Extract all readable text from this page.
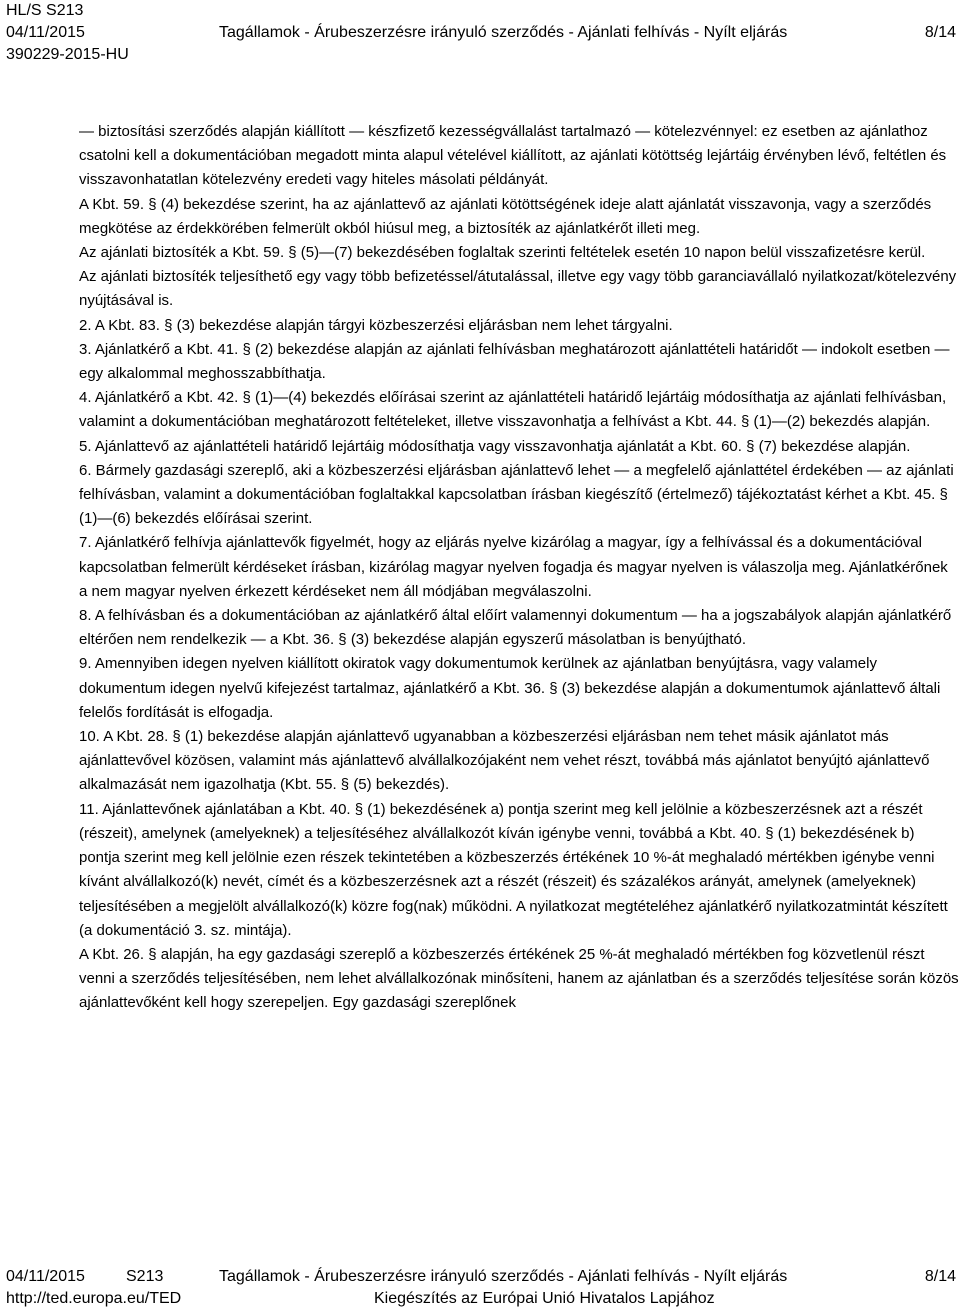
HL/S S213
04/11/2015	Tagállamok - Árubeszerzésre irányuló szerződés - Ajánlati felhívás - Nyílt eljárás	8/14
390229-2015-HU

— biztosítási szerződés alapján kiállított — készfizető kezességvállalást tartalmazó — kötelezvénnyel: ez esetben az ajánlathoz csatolni kell a dokumentációban megadott minta alapul vételével kiállított, az ajánlati kötöttség lejártáig érvényben lévő, feltétlen és visszavonhatatlan kötelezvény eredeti vagy hiteles másolati példányát.

A Kbt. 59. § (4) bekezdése szerint, ha az ajánlattevő az ajánlati kötöttségének ideje alatt ajánlatát visszavonja, vagy a szerződés megkötése az érdekkörében felmerült okból hiúsul meg, a biztosíték az ajánlatkérőt illeti meg.

Az ajánlati biztosíték a Kbt. 59. § (5)—(7) bekezdésében foglaltak szerinti feltételek esetén 10 napon belül visszafizetésre kerül.

Az ajánlati biztosíték teljesíthető egy vagy több befizetéssel/átutalással, illetve egy vagy több garanciavállaló nyilatkozat/kötelezvény nyújtásával is.

2. A Kbt. 83. § (3) bekezdése alapján tárgyi közbeszerzési eljárásban nem lehet tárgyalni.

3. Ajánlatkérő a Kbt. 41. § (2) bekezdése alapján az ajánlati felhívásban meghatározott ajánlattételi határidőt — indokolt esetben — egy alkalommal meghosszabbíthatja.

4. Ajánlatkérő a Kbt. 42. § (1)—(4) bekezdés előírásai szerint az ajánlattételi határidő lejártáig módosíthatja az ajánlati felhívásban, valamint a dokumentációban meghatározott feltételeket, illetve visszavonhatja a felhívást a Kbt. 44. § (1)—(2) bekezdés alapján.

5. Ajánlattevő az ajánlattételi határidő lejártáig módosíthatja vagy visszavonhatja ajánlatát a Kbt. 60. § (7) bekezdése alapján.

6. Bármely gazdasági szereplő, aki a közbeszerzési eljárásban ajánlattevő lehet — a megfelelő ajánlattétel érdekében — az ajánlati felhívásban, valamint a dokumentációban foglaltakkal kapcsolatban írásban kiegészítő (értelmező) tájékoztatást kérhet a Kbt. 45. § (1)—(6) bekezdés előírásai szerint.

7. Ajánlatkérő felhívja ajánlattevők figyelmét, hogy az eljárás nyelve kizárólag a magyar, így a felhívással és a dokumentációval kapcsolatban felmerült kérdéseket írásban, kizárólag magyar nyelven fogadja és magyar nyelven is válaszolja meg. Ajánlatkérőnek a nem magyar nyelven érkezett kérdéseket nem áll módjában megválaszolni.

8. A felhívásban és a dokumentációban az ajánlatkérő által előírt valamennyi dokumentum — ha a jogszabályok alapján ajánlatkérő eltérően nem rendelkezik — a Kbt. 36. § (3) bekezdése alapján egyszerű másolatban is benyújtható.

9. Amennyiben idegen nyelven kiállított okiratok vagy dokumentumok kerülnek az ajánlatban benyújtásra, vagy valamely dokumentum idegen nyelvű kifejezést tartalmaz, ajánlatkérő a Kbt. 36. § (3) bekezdése alapján a dokumentumok ajánlattevő általi felelős fordítását is elfogadja.

10. A Kbt. 28. § (1) bekezdése alapján ajánlattevő ugyanabban a közbeszerzési eljárásban nem tehet másik ajánlatot más ajánlattevővel közösen, valamint más ajánlattevő alvállalkozójaként nem vehet részt, továbbá más ajánlatot benyújtó ajánlattevő alkalmazását nem igazolhatja (Kbt. 55. § (5) bekezdés).

11. Ajánlattevőnek ajánlatában a Kbt. 40. § (1) bekezdésének a) pontja szerint meg kell jelölnie a közbeszerzésnek azt a részét (részeit), amelynek (amelyeknek) a teljesítéséhez alvállalkozót kíván igénybe venni, továbbá a Kbt. 40. § (1) bekezdésének b) pontja szerint meg kell jelölnie ezen részek tekintetében a közbeszerzés értékének 10 %-át meghaladó mértékben igénybe venni kívánt alvállalkozó(k) nevét, címét és a közbeszerzésnek azt a részét (részeit) és százalékos arányát, amelynek (amelyeknek) teljesítésében a megjelölt alvállalkozó(k) közre fog(nak) működni. A nyilatkozat megtételéhez ajánlatkérő nyilatkozatmintát készített (a dokumentáció 3. sz. mintája).

A Kbt. 26. § alapján, ha egy gazdasági szereplő a közbeszerzés értékének 25 %-át meghaladó mértékben fog közvetlenül részt venni a szerződés teljesítésében, nem lehet alvállalkozónak minősíteni, hanem az ajánlatban és a szerződés teljesítése során közös ajánlattevőként kell hogy szerepeljen. Egy gazdasági szereplőnek

04/11/2015	S213	Tagállamok - Árubeszerzésre irányuló szerződés - Ajánlati felhívás - Nyílt eljárás	8/14
http://ted.europa.eu/TED	Kiegészítés az Európai Unió Hivatalos Lapjához
